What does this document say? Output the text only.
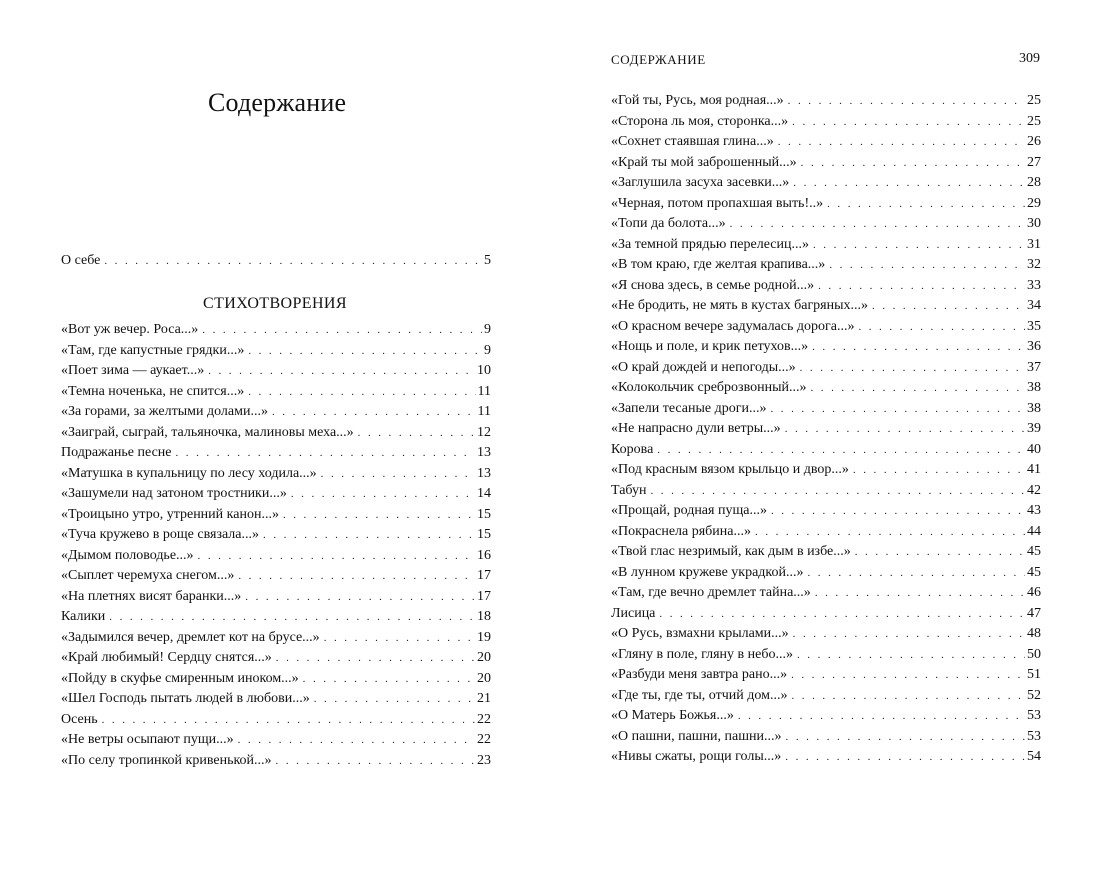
Содержание
О себе . . .	5
СТИХОТВОРЕНИЯ
«Вот уж вечер. Роса...» . . .	9
«Там, где капустные грядки...» . . .	9
«Поет зима — аукает...» . . .	10
«Темна ноченька, не спится...» . . .	11
«За горами, за желтыми долами...» . . .	11
«Заиграй, сыграй, тальяночка, малиновы меха...» . . .	12
Подражанье песне . . .	13
«Матушка в купальницу по лесу ходила...» . . .	13
«Зашумели над затоном тростники...» . . .	14
«Троицыно утро, утренний канон...» . . .	15
«Туча кружево в роще связала...» . . .	15
«Дымом половодье...» . . .	16
«Сыплет черемуха снегом...» . . .	17
«На плетнях висят баранки...» . . .	17
Калики . . .	18
«Задымился вечер, дремлет кот на брусе...» . . .	19
«Край любимый! Сердцу снятся...» . . .	20
«Пойду в скуфье смиренным иноком...» . . .	20
«Шел Господь пытать людей в любови...» . . .	21
Осень . . .	22
«Не ветры осыпают пущи...» . . .	22
«По селу тропинкой кривенькой...» . . .	23
СОДЕРЖАНИЕ	309
«Гой ты, Русь, моя родная...» . . .	25
«Сторона ль моя, сторонка...» . . .	25
«Сохнет стаявшая глина...» . . .	26
«Край ты мой заброшенный...» . . .	27
«Заглушила засуха засевки...» . . .	28
«Черная, потом пропахшая выть!..» . . .	29
«Топи да болота...» . . .	30
«За темной прядью перелесиц...» . . .	31
«В том краю, где желтая крапива...» . . .	32
«Я снова здесь, в семье родной...» . . .	33
«Не бродить, не мять в кустах багряных...» . . .	34
«О красном вечере задумалась дорога...» . . .	35
«Нощь и поле, и крик петухов...» . . .	36
«О край дождей и непогоды...» . . .	37
«Колокольчик среброзвонный...» . . .	38
«Запели тесаные дроги...» . . .	38
«Не напрасно дули ветры...» . . .	39
Корова . . .	40
«Под красным вязом крыльцо и двор...» . . .	41
Табун . . .	42
«Прощай, родная пуща...» . . .	43
«Покраснела рябина...» . . .	44
«Твой глас незримый, как дым в избе...» . . .	45
«В лунном кружеве украдкой...» . . .	45
«Там, где вечно дремлет тайна...» . . .	46
Лисица . . .	47
«О Русь, взмахни крылами...» . . .	48
«Гляну в поле, гляну в небо...» . . .	50
«Разбуди меня завтра рано...» . . .	51
«Где ты, где ты, отчий дом...» . . .	52
«О Матерь Божья...» . . .	53
«О пашни, пашни, пашни...» . . .	53
«Нивы сжаты, рощи голы...» . . .	54
